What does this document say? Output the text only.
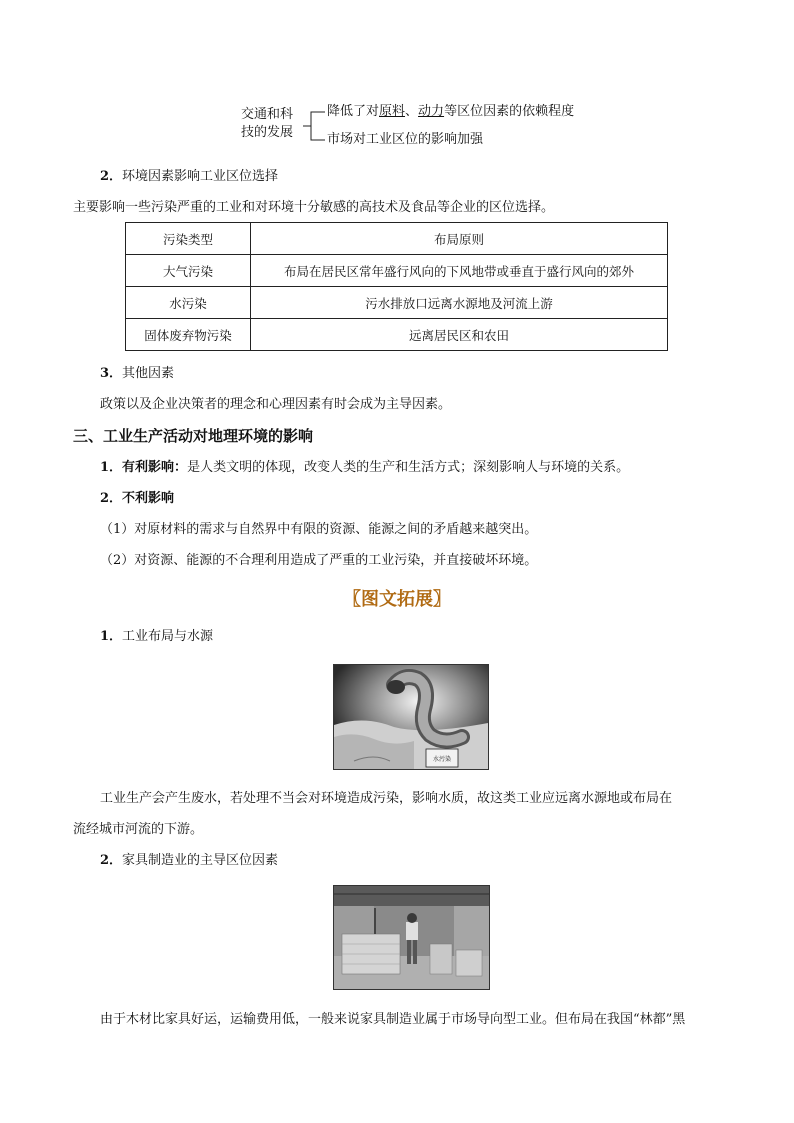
交通和科
技的发展
降低了对原料、动力等区位因素的依赖程度
市场对工业区位的影响加强
2．环境因素影响工业区位选择
主要影响一些污染严重的工业和对环境十分敏感的高技术及食品等企业的区位选择。
污染类型	布局原则
大气污染	布局在居民区常年盛行风向的下风地带或垂直于盛行风向的郊外
水污染	污水排放口远离水源地及河流上游
固体废弃物污染	远离居民区和农田
3．其他因素
政策以及企业决策者的理念和心理因素有时会成为主导因素。
三、工业生产活动对地理环境的影响
1．有利影响：是人类文明的体现，改变人类的生产和生活方式；深刻影响人与环境的关系。
2．不利影响
（1）对原材料的需求与自然界中有限的资源、能源之间的矛盾越来越突出。
（2）对资源、能源的不合理利用造成了严重的工业污染，并直接破坏环境。
〖图文拓展〗
1．工业布局与水源
水污染
工业生产会产生废水，若处理不当会对环境造成污染，影响水质，故这类工业应远离水源地或布局在
流经城市河流的下游。
2．家具制造业的主导区位因素
由于木材比家具好运，运输费用低，一般来说家具制造业属于市场导向型工业。但布局在我国“林都”黑
